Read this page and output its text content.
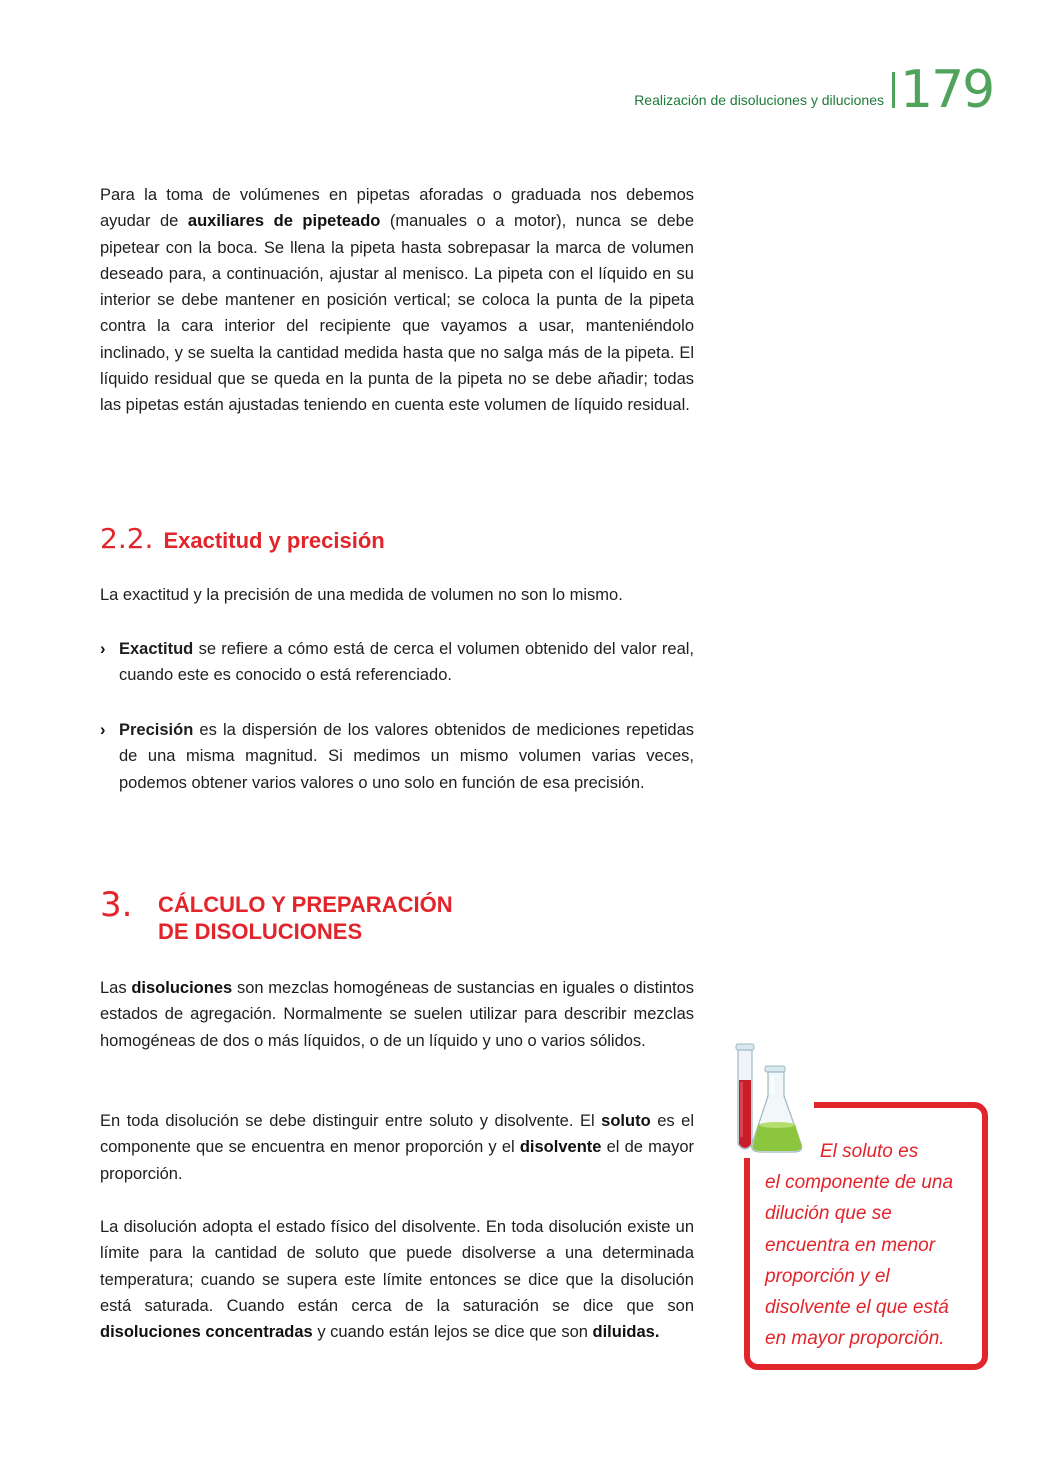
Realización de disoluciones y diluciones 179

Para la toma de volúmenes en pipetas aforadas o graduada nos debemos ayudar de auxiliares de pipeteado (manuales o a motor), nunca se debe pipetear con la boca. Se llena la pipeta hasta sobrepasar la marca de volumen deseado para, a continuación, ajustar al menisco. La pipeta con el líquido en su interior se debe mantener en posición vertical; se coloca la punta de la pipeta contra la cara interior del recipiente que vayamos a usar, manteniéndolo inclinado, y se suelta la cantidad medida hasta que no salga más de la pipeta. El líquido residual que se queda en la punta de la pipeta no se debe añadir; todas las pipetas están ajustadas teniendo en cuenta este volumen de líquido residual.

2.2. Exactitud y precisión

La exactitud y la precisión de una medida de volumen no son lo mismo.

› Exactitud se refiere a cómo está de cerca el volumen obtenido del valor real, cuando este es conocido o está referenciado.
› Precisión es la dispersión de los valores obtenidos de mediciones repetidas de una misma magnitud. Si medimos un mismo volumen varias veces, podemos obtener varios valores o uno solo en función de esa precisión.
3. CÁLCULO Y PREPARACIÓN
DE DISOLUCIONES

Las disoluciones son mezclas homogéneas de sustancias en iguales o distintos estados de agregación. Normalmente se suelen utilizar para describir mezclas homogéneas de dos o más líquidos, o de un líquido y uno o varios sólidos.

En toda disolución se debe distinguir entre soluto y disolvente. El soluto es el componente que se encuentra en menor proporción y el disolvente el de mayor proporción.

La disolución adopta el estado físico del disolvente. En toda disolución existe un límite para la cantidad de soluto que puede disolverse a una determinada temperatura; cuando se supera este límite entonces se dice que la disolución está saturada. Cuando están cerca de la saturación se dice que son disoluciones concentradas y cuando están lejos se dice que son diluidas.

El soluto es
el componente de una dilución que se encuentra en menor proporción y el disolvente el que está en mayor proporción.
